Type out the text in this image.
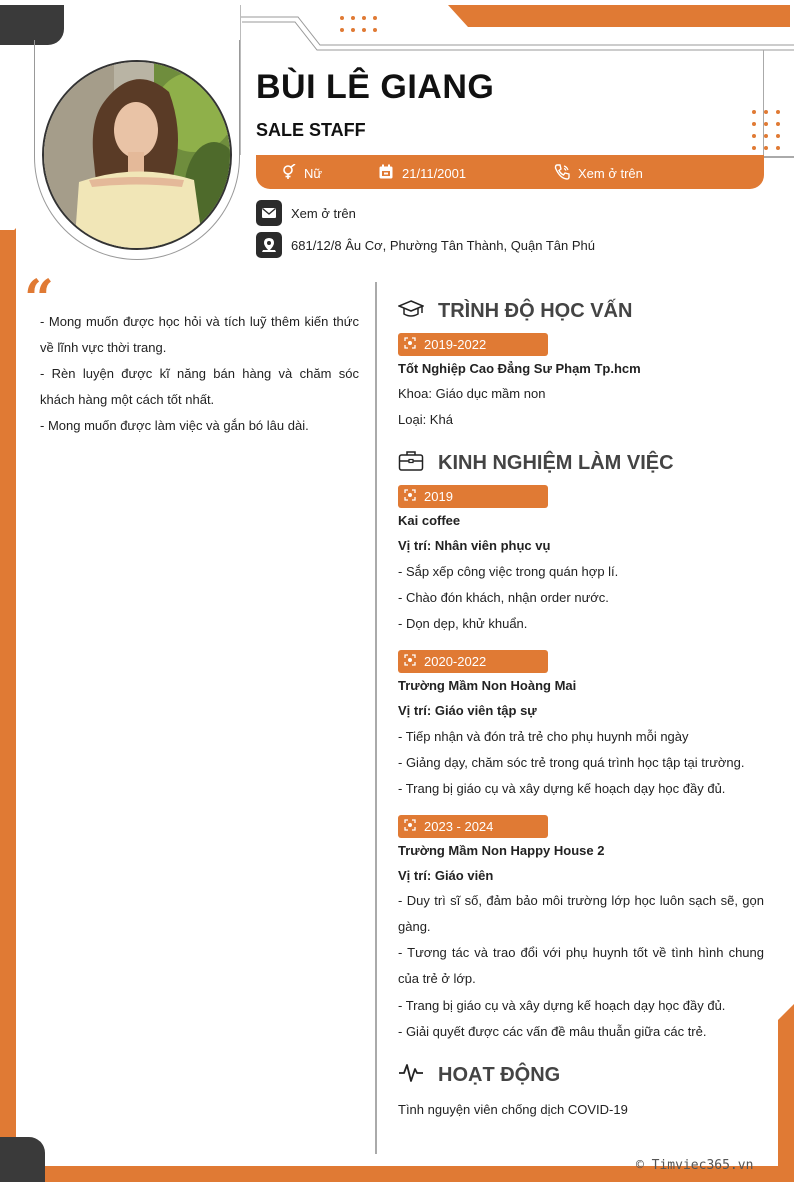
BÙI LÊ GIANG
SALE STAFF
Nữ	21/11/2001	Xem ở trên
Xem ở trên
681/12/8 Âu Cơ, Phường Tân Thành, Quận Tân Phú
“
- Mong muốn được học hỏi và tích luỹ thêm kiến thức về lĩnh vực thời trang.
- Rèn luyện được kĩ năng bán hàng và chăm sóc khách hàng một cách tốt nhất.
- Mong muốn được làm việc và gắn bó lâu dài.
TRÌNH ĐỘ HỌC VẤN
2019-2022
Tốt Nghiệp Cao Đẳng Sư Phạm Tp.hcm
Khoa: Giáo dục mầm non
Loại: Khá
KINH NGHIỆM LÀM VIỆC
2019
Kai coffee
Vị trí: Nhân viên phục vụ
- Sắp xếp công việc trong quán hợp lí.
- Chào đón khách, nhận order nước.
- Dọn dẹp, khử khuẩn.
2020-2022
Trường Mầm Non Hoàng Mai
Vị trí: Giáo viên tập sự
- Tiếp nhận và đón trả trẻ cho phụ huynh mỗi ngày
- Giảng dạy, chăm sóc trẻ trong quá trình học tập tại trường.
- Trang bị giáo cụ và xây dựng kế hoạch dạy học đầy đủ.
2023 - 2024
Trường Mầm Non Happy House 2
Vị trí: Giáo viên
- Duy trì sĩ số, đảm bảo môi trường lớp học luôn sạch sẽ, gọn gàng.
- Tương tác và trao đổi với phụ huynh tốt về tình hình chung của trẻ ở lớp.
- Trang bị giáo cụ và xây dựng kế hoạch dạy học đầy đủ.
- Giải quyết được các vấn đề mâu thuẫn giữa các trẻ.
HOẠT ĐỘNG
Tình nguyện viên chống dịch COVID-19
© Timviec365.vn
